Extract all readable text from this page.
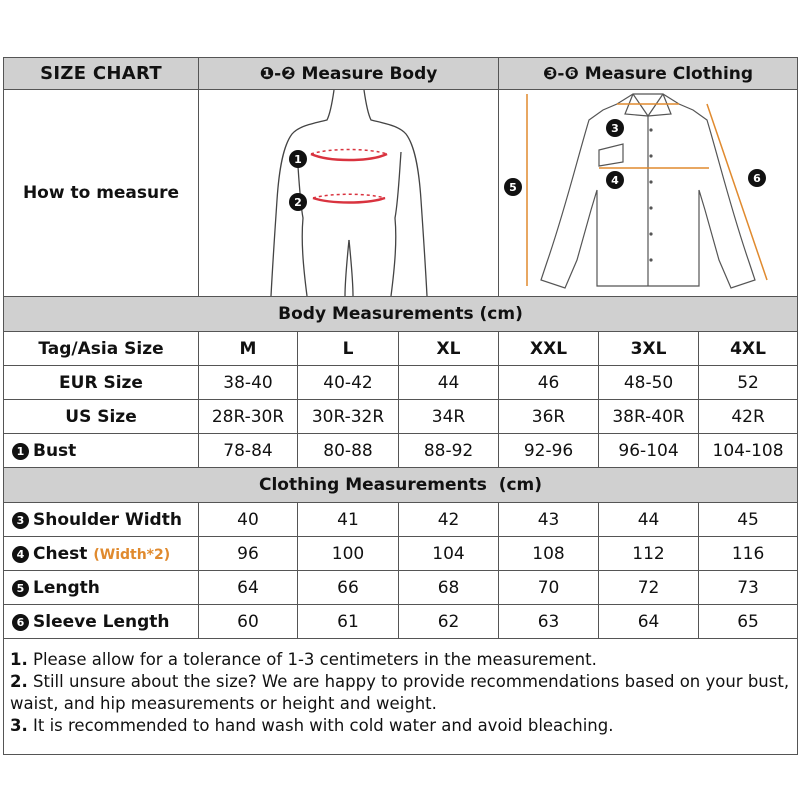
SIZE CHART	❶-❷ Measure Body			❸-❻ Measure Clothing		
How to measure	1
2			3
4
5
6		

Body Measurements (cm)						
Tag/Asia Size	M	L	XL	XXL	3XL	4XL
EUR Size	38-40	40-42	44	46	48-50	52
US Size	28R-30R	30R-32R	34R	36R	38R-40R	42R
1 Bust	78-84	80-88	88-92	92-96	96-104	104-108
Clothing Measurements  (cm)						
3 Shoulder Width	40	41	42	43	44	45
4 Chest (Width*2)	96	100	104	108	112	116
5 Length	64	66	68	70	72	73
6 Sleeve Length	60	61	62	63	64	65

1. Please allow for a tolerance of 1-3 centimeters in the measurement.

2. Still unsure about the size? We are happy to provide recommendations based on your bust, waist, and hip measurements or height and weight.

3. It is recommended to hand wash with cold water and avoid bleaching.						
